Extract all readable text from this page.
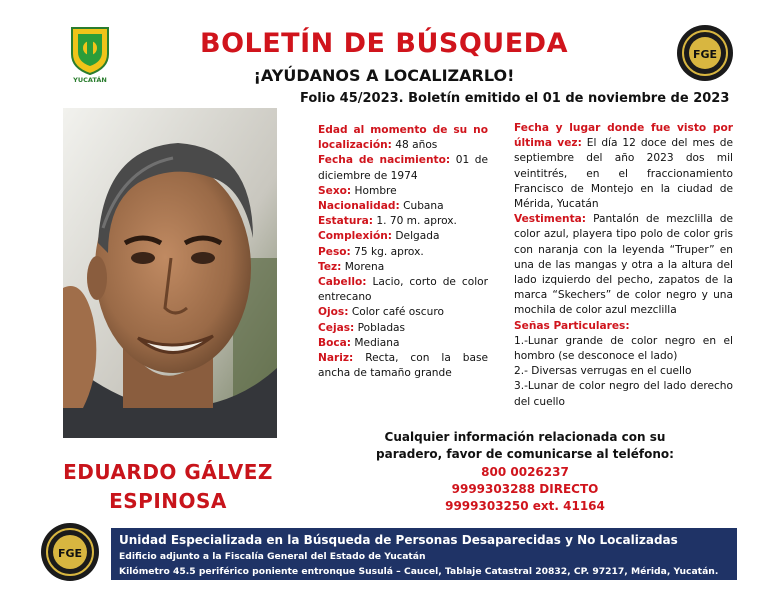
YUCATÁN
FGE
BOLETÍN DE BÚSQUEDA
¡AYÚDANOS A LOCALIZARLO!
Folio 45/2023. Boletín emitido el 01 de noviembre de 2023
EDUARDO GÁLVEZ
ESPINOSA

Edad al momento de su no localización: 48 años

Fecha de nacimiento: 01 de diciembre de 1974

Sexo: Hombre

Nacionalidad: Cubana

Estatura: 1. 70 m. aprox.

Complexión: Delgada

Peso: 75 kg. aprox.

Tez: Morena

Cabello: Lacio, corto de color entrecano

Ojos: Color café oscuro

Cejas: Pobladas

Boca: Mediana

Nariz: Recta, con la base ancha de tamaño grande

Fecha y lugar donde fue visto por última vez: El día 12 doce del mes de septiembre del año 2023 dos mil veintitrés, en el fraccionamiento Francisco de Montejo en la ciudad de Mérida, Yucatán

Vestimenta: Pantalón de mezclilla de color azul, playera tipo polo de color gris con naranja con la leyenda “Truper” en una de las mangas y otra a la altura del lado izquierdo del pecho, zapatos de la marca “Skechers” de color negro y una mochila de color azul mezclilla

Señas Particulares:

1.-Lunar grande de color negro en el hombro (se desconoce el lado)

2.- Diversas verrugas en el cuello

3.-Lunar de color negro del lado derecho del cuello

Cualquier información relacionada con su
paradero, favor de comunicarse al teléfono:
800 0026237
9999303288 DIRECTO
9999303250 ext. 41164
FGE
Unidad Especializada en la Búsqueda de Personas Desaparecidas y No Localizadas
Edificio adjunto a la Fiscalía General del Estado de Yucatán
Kilómetro 45.5 periférico poniente entronque Susulá – Caucel, Tablaje Catastral 20832, CP. 97217, Mérida, Yucatán.
